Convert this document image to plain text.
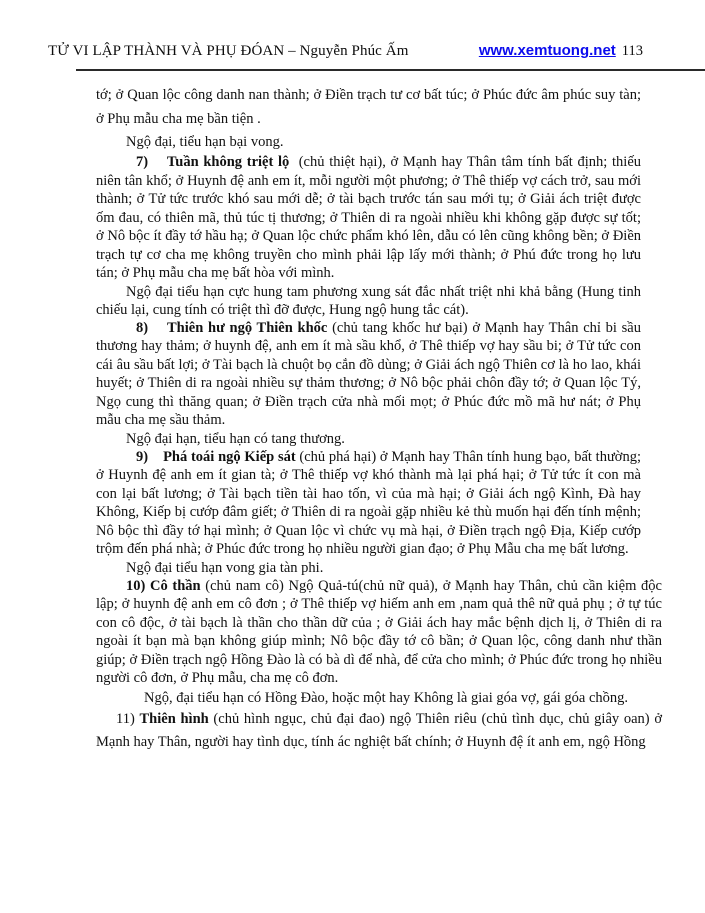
TỬ VI LẬP THÀNH VÀ PHỤ ĐÓAN – Nguyễn Phúc Ấm	www.xemtuong.net 113

tớ; ở Quan lộc công danh nan thành; ở Điền trạch tư cơ bất túc; ở Phúc đức âm phúc suy tàn; ở Phụ mẫu cha mẹ bần tiện .

Ngộ đại, tiểu hạn bại vong.

7)    Tuần không triệt lộ  (chủ thiệt hại), ở Mạnh hay Thân tâm tính bất định; thiếu niên tân khổ; ở Huynh đệ anh em ít, mỗi người một phương; ở Thê thiếp vợ cách trở, sau mới thành; ở Tử tức trước khó sau mới dễ; ở tài bạch trước tán sau mới tụ; ở Giải ách triệt được ốm đau, có thiên mã, thủ túc tị thương; ở Thiên di ra ngoài nhiều khi không gặp được sự tốt; ở Nô bộc ít đầy tớ hầu hạ; ở Quan lộc chức phẩm khó lên, dẫu có lên cũng không bền; ở Điền trạch tự cơ cha mẹ không truyền cho mình phải lập lấy mới thành; ở Phú đức trong họ lưu tán; ở Phụ mẫu cha mẹ bất hòa với mình.

Ngộ đại tiểu hạn cực hung tam phương xung sát đắc nhất triệt nhi khả bằng (Hung tinh chiếu lại, cung tính có triệt thì đỡ được, Hung ngộ hung tắc cát).

8)    Thiên hư ngộ Thiên khốc (chủ tang khốc hư bại) ở Mạnh hay Thân chỉ bi sầu thương hay thảm; ở huynh đệ, anh em ít mà sầu khổ, ở Thê thiếp vợ hay sầu bi; ở Tử tức con cái âu sầu bất lợi; ở Tài bạch là chuột bọ cắn đồ dùng; ở Giải ách ngộ Thiên cơ là ho lao, khái huyết; ở Thiên di ra ngoài nhiều sự thảm thương; ở Nô bộc phải chôn đầy tớ; ở Quan lộc Tý, Ngọ cung thì thăng quan; ở Điền trạch cửa nhà mối mọt; ở Phúc đức mồ mã hư nát; ở Phụ mẫu cha mẹ sầu thảm.

Ngộ đại hạn, tiểu hạn có tang thương.

9)    Phá toái ngộ Kiếp sát (chủ phá hại) ở Mạnh hay Thân tính hung bạo, bất thường; ở Huynh đệ anh em ít gian tà; ở Thê thiếp vợ khó thành mà lại phá hại; ở Tử tức ít con mà con lại bất lương; ở Tài bạch tiền tài hao tốn, vì của mà hại; ở Giải ách ngộ Kình, Đà hay Không, Kiếp bị cướp đâm giết; ở Thiên di ra ngoài gặp nhiều kẻ thù muốn hại đến tính mệnh; Nô bộc thì đầy tớ hại mình; ở Quan lộc vì chức vụ mà hại, ở Điền trạch ngộ Địa, Kiếp cướp trộm đến phá nhà; ở Phúc đức trong họ nhiều người gian đạo; ở Phụ Mẫu cha mẹ bất lương.

Ngộ đại tiểu hạn vong gia tàn phi.

10) Cô thần (chủ nam cô) Ngộ Quả-tú(chủ nữ quả), ở Mạnh hay Thân, chủ cần kiệm độc lập; ở huynh đệ anh em cô đơn ; ở Thê thiếp vợ hiếm anh em ,nam quả thê nữ quả phụ ; ở tự túc con cô độc, ở tài bạch là thần cho thần dữ của ; ở Giải ách hay mắc bệnh dịch lị, ở Thiên di ra ngoài ít bạn mà bạn không giúp mình; Nô bộc đầy tớ cô bần; ở Quan lộc, công danh như thần giúp; ở Điền trạch ngộ Hồng Đào là có bà dì để nhà, để cửa cho mình; ở Phúc đức trong họ nhiều người cô đơn, ở Phụ mẫu, cha mẹ cô đơn.

Ngộ, đại tiểu hạn có Hồng Đào, hoặc một hay Không là giai góa vợ, gái góa chồng.

11) Thiên hình (chủ hình ngục, chủ đại đao) ngộ Thiên riêu (chủ tình dục, chủ giây oan) ở Mạnh hay Thân, người hay tình dục, tính ác nghiệt bất chính; ở Huynh đệ ít anh em, ngộ Hồng
